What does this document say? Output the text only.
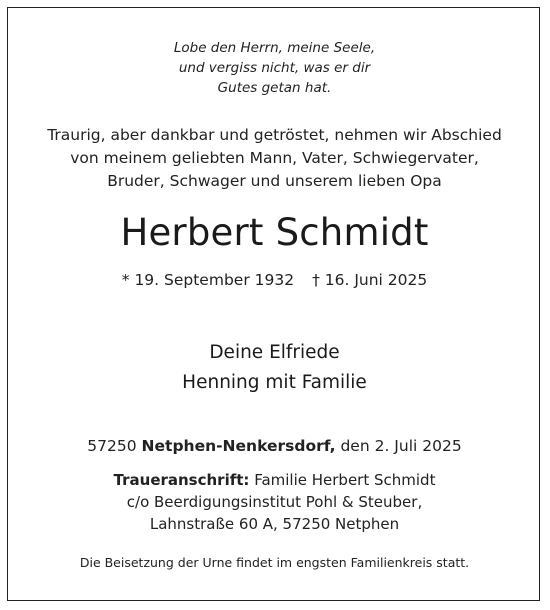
Lobe den Herrn, meine Seele,
und vergiss nicht, was er dir
Gutes getan hat.
Traurig, aber dankbar und getröstet, nehmen wir Abschied
von meinem geliebten Mann, Vater, Schwiegervater,
Bruder, Schwager und unserem lieben Opa
Herbert Schmidt
* 19. September 1932 † 16. Juni 2025
Deine Elfriede
Henning mit Familie
57250 Netphen-Nenkersdorf, den 2. Juli 2025
Traueranschrift: Familie Herbert Schmidt
c/o Beerdigungsinstitut Pohl & Steuber,
Lahnstraße 60 A, 57250 Netphen
Die Beisetzung der Urne findet im engsten Familienkreis statt.
